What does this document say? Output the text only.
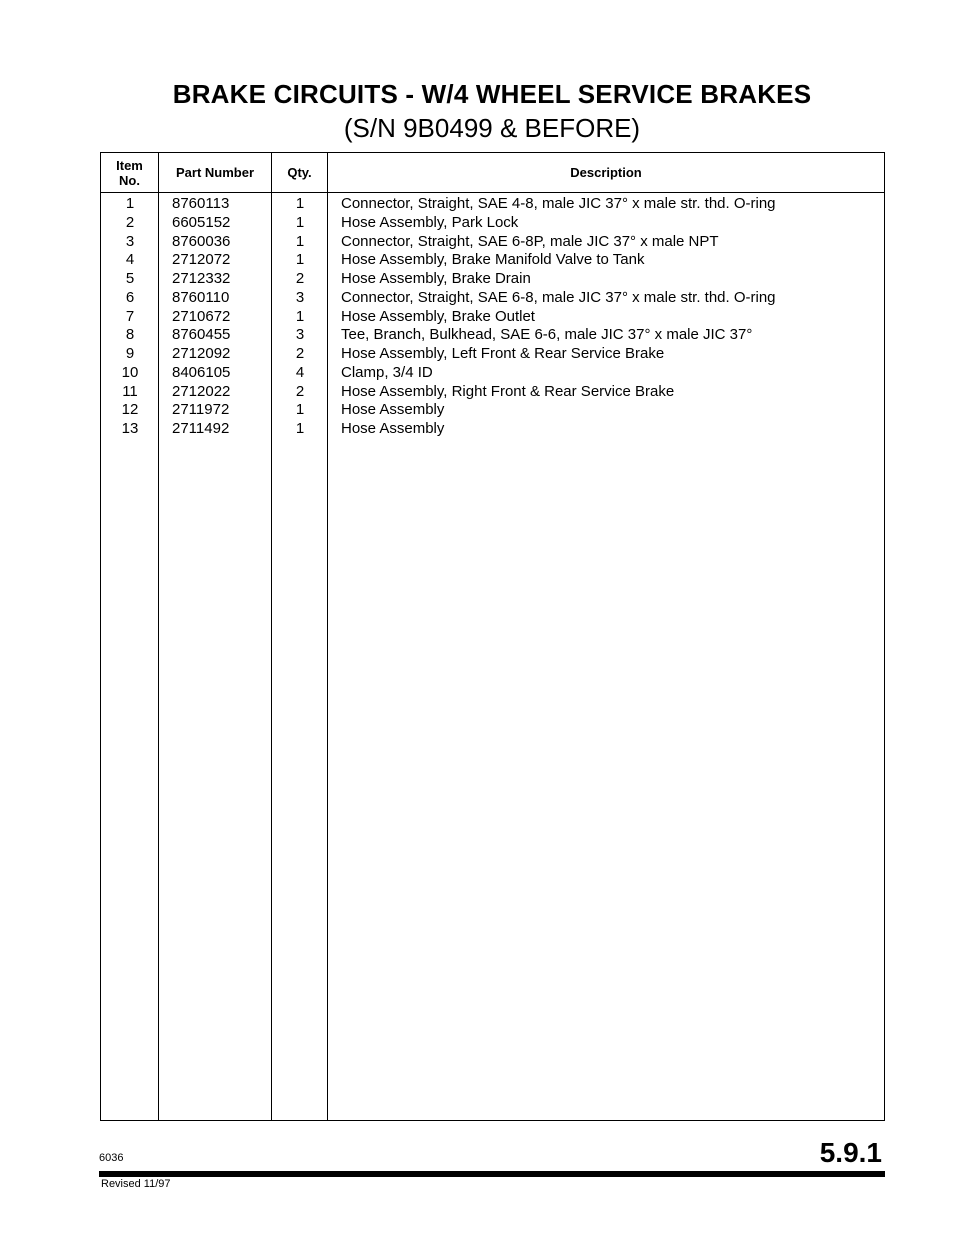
BRAKE CIRCUITS - W/4 WHEEL SERVICE BRAKES
(S/N 9B0499 & BEFORE)
Item
No.	Part Number	Qty.	Description
1	8760113	1	Connector, Straight, SAE 4-8, male JIC 37° x male str. thd. O-ring
2	6605152	1	Hose Assembly, Park Lock
3	8760036	1	Connector, Straight, SAE 6-8P, male JIC 37° x male NPT
4	2712072	1	Hose Assembly, Brake Manifold Valve to Tank
5	2712332	2	Hose Assembly, Brake Drain
6	8760110	3	Connector, Straight, SAE 6-8, male JIC 37° x male str. thd. O-ring
7	2710672	1	Hose Assembly, Brake Outlet
8	8760455	3	Tee, Branch, Bulkhead, SAE 6-6, male JIC 37° x male JIC 37°
9	2712092	2	Hose Assembly, Left Front & Rear Service Brake
10	8406105	4	Clamp, 3/4 ID
11	2712022	2	Hose Assembly, Right Front & Rear Service Brake
12	2711972	1	Hose Assembly
13	2711492	1	Hose Assembly
6036	5.9.1
Revised 11/97
